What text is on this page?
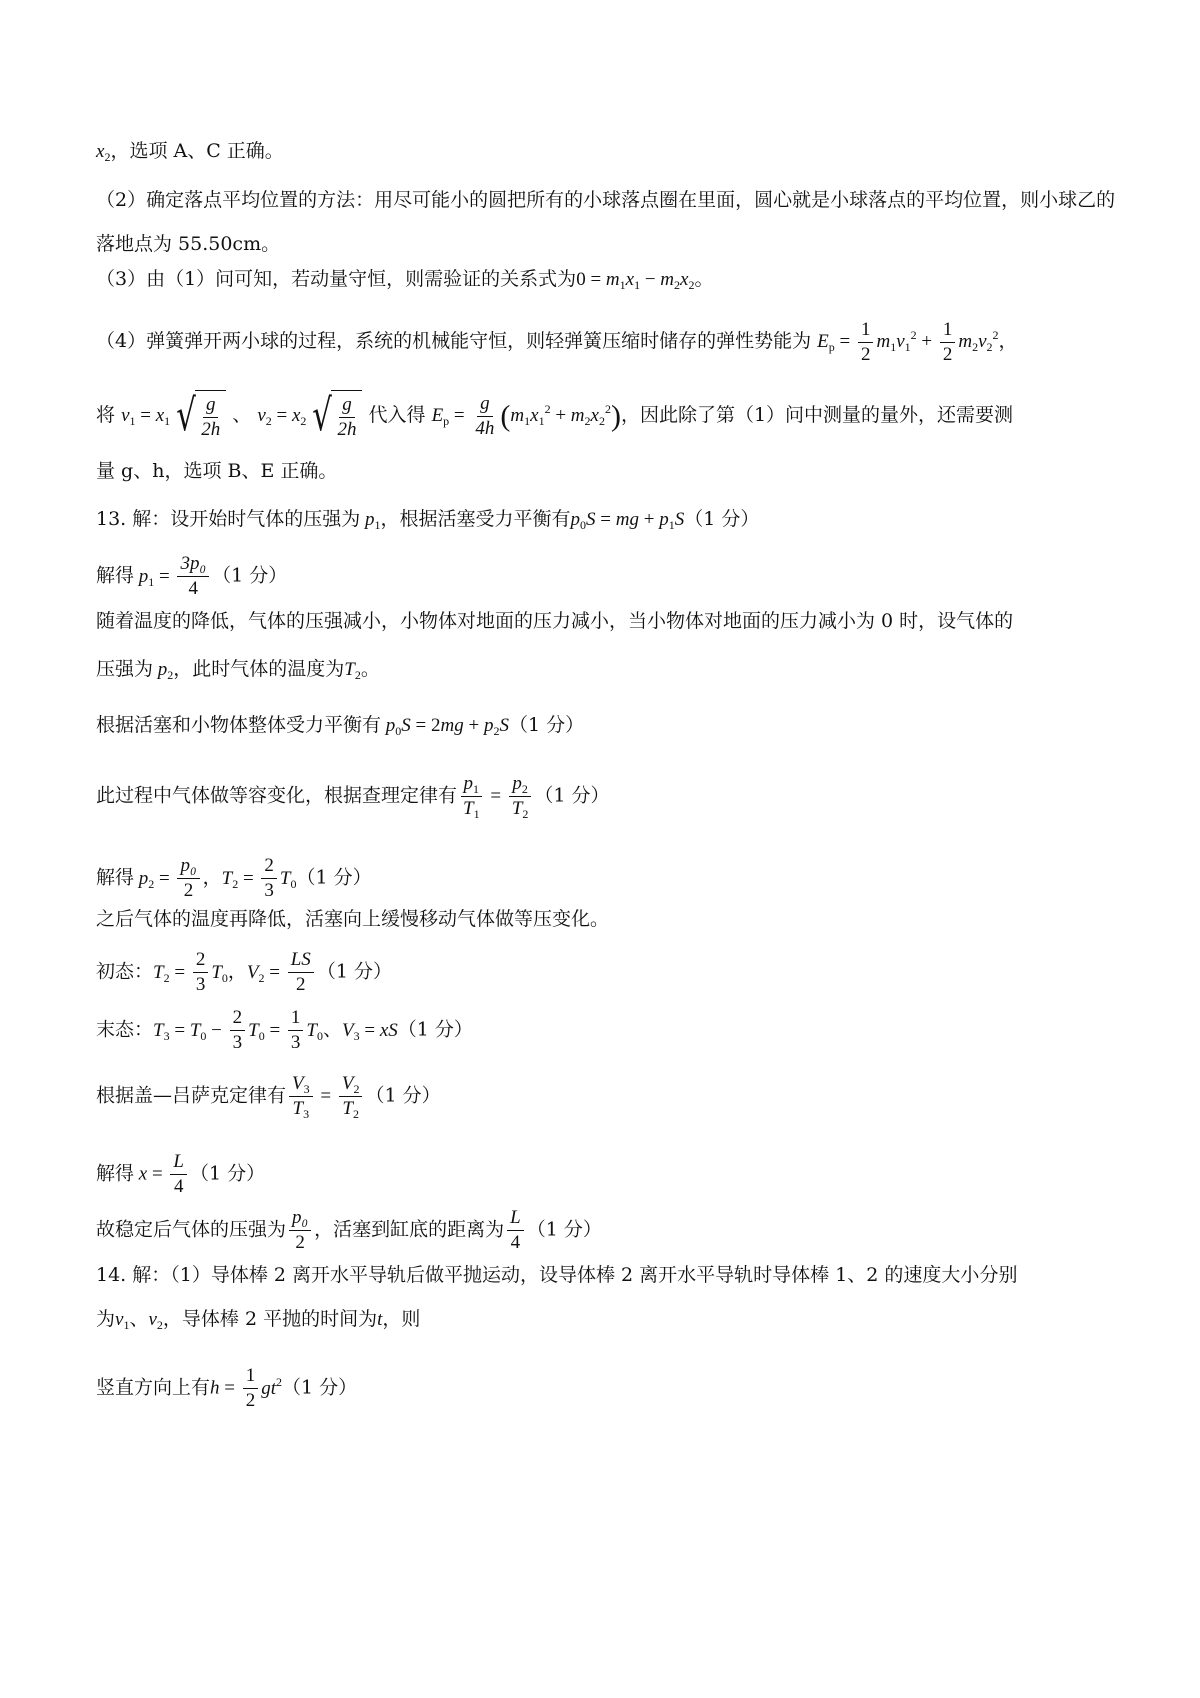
$x_2$，选项 A、C 正确。
（2）确定落点平均位置的方法：用尽可能小的圆把所有的小球落点圈在里面，圆心就是小球落点的平均位置，则小球乙的落地点为 55.50cm。
（3）由（1）问可知，若动量守恒，则需验证的关系式为$0 = m_1x_1 - m_2x_2$。
（4）弹簧弹开两小球的过程，系统的机械能守恒，则轻弹簧压缩时储存的弹性势能为 $E_p = \frac{1}{2} m_1v_1^2 + \frac{1}{2} m_2v_2^2$，
将 $v_1 = x_1$ √ $\frac{g}{2h}$ 、 $v_2 = x_2$ √ $\frac{g}{2h}$ 代入得 $E_p = \frac{g}{4h} (m_1x_1^2 + m_2x_2^2)$，因此除了第（1）问中测量的量外，还需要测
量 g、h，选项 B、E 正确。
13. 解：设开始时气体的压强为 $p_1$，根据活塞受力平衡有$p_0S$ = mg + $p_1S(1$ 分）
解得 $p_1 = \frac{\text{3p₀}}{4} (1$ 分）
随着温度的降低，气体的压强减小，小物体对地面的压力减小，当小物体对地面的压力减小为 0 时，设气体的
压强为 $p_2$，此时气体的温度为$T_2$。
根据活塞和小物体整体受力平衡有 $p_0S = 2mg + p_2S(1$ 分）
此过程中气体做等容变化，根据查理定律有 $\frac{p_1}{T_1} = \frac{p_2}{T_2} (1$ 分）
解得 $p_2 = \frac{\text{p₀}}{2}$ ，$T_2 = \frac{2}{3} T_0(1$ 分）
之后气体的温度再降低，活塞向上缓慢移动气体做等压变化。
初态：$T_2 = \frac{2}{3} T_0$，$V_2 = \frac{LS}{2} (1$ 分）
末态：$T_3 = T_0 - \frac{2}{3} T_0 = \frac{1}{3} T_0$、$V_3 = xS(1$ 分）
根据盖—吕萨克定律有 $\frac{V_3}{T_3} = \frac{V_2}{T_2} (1$ 分）
解得 $x = \frac{L}{4} (1$ 分）
故稳定后气体的压强为 $\frac{\text{p₀}}{2}$ ，活塞到缸底的距离为 $\frac{L}{4} (1$ 分）
14. 解：（1）导体棒 2 离开水平导轨后做平抛运动，设导体棒 2 离开水平导轨时导体棒 1、2 的速度大小分别
为$v_1$、$v_2$，导体棒 2 平抛的时间为t，则
竖直方向上有$h = \frac{1}{2} gt^2(1$ 分）
